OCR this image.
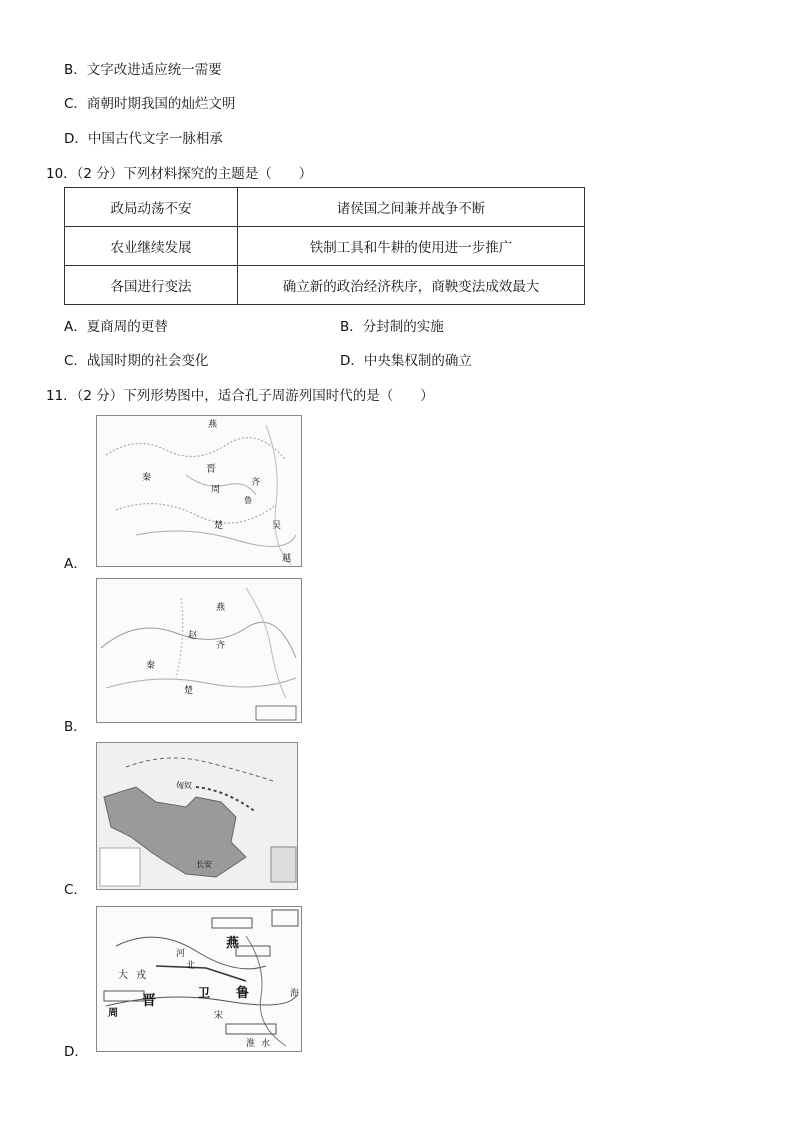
B．文字改进适应统一需要
C．商朝时期我国的灿烂文明
D．中国古代文字一脉相承
10．（2 分）下列材料探究的主题是（　　）
政局动荡不安	诸侯国之间兼并战争不断
农业继续发展	铁制工具和牛耕的使用进一步推广
各国进行变法	确立新的政治经济秩序，商鞅变法成效最大
A．夏商周的更替	B．分封制的实施
C．战国时期的社会变化	D．中央集权制的确立
11．（2 分）下列形势图中，适合孔子周游列国时代的是（　　）
A．
燕
齐
晋
周
楚	吴
越
秦
鲁
B．
赵
楚
齐
燕
秦
C．
长安
匈奴
D．
燕
晋
周
鲁
卫
宋
河
北
大 戎
海
淮 水
